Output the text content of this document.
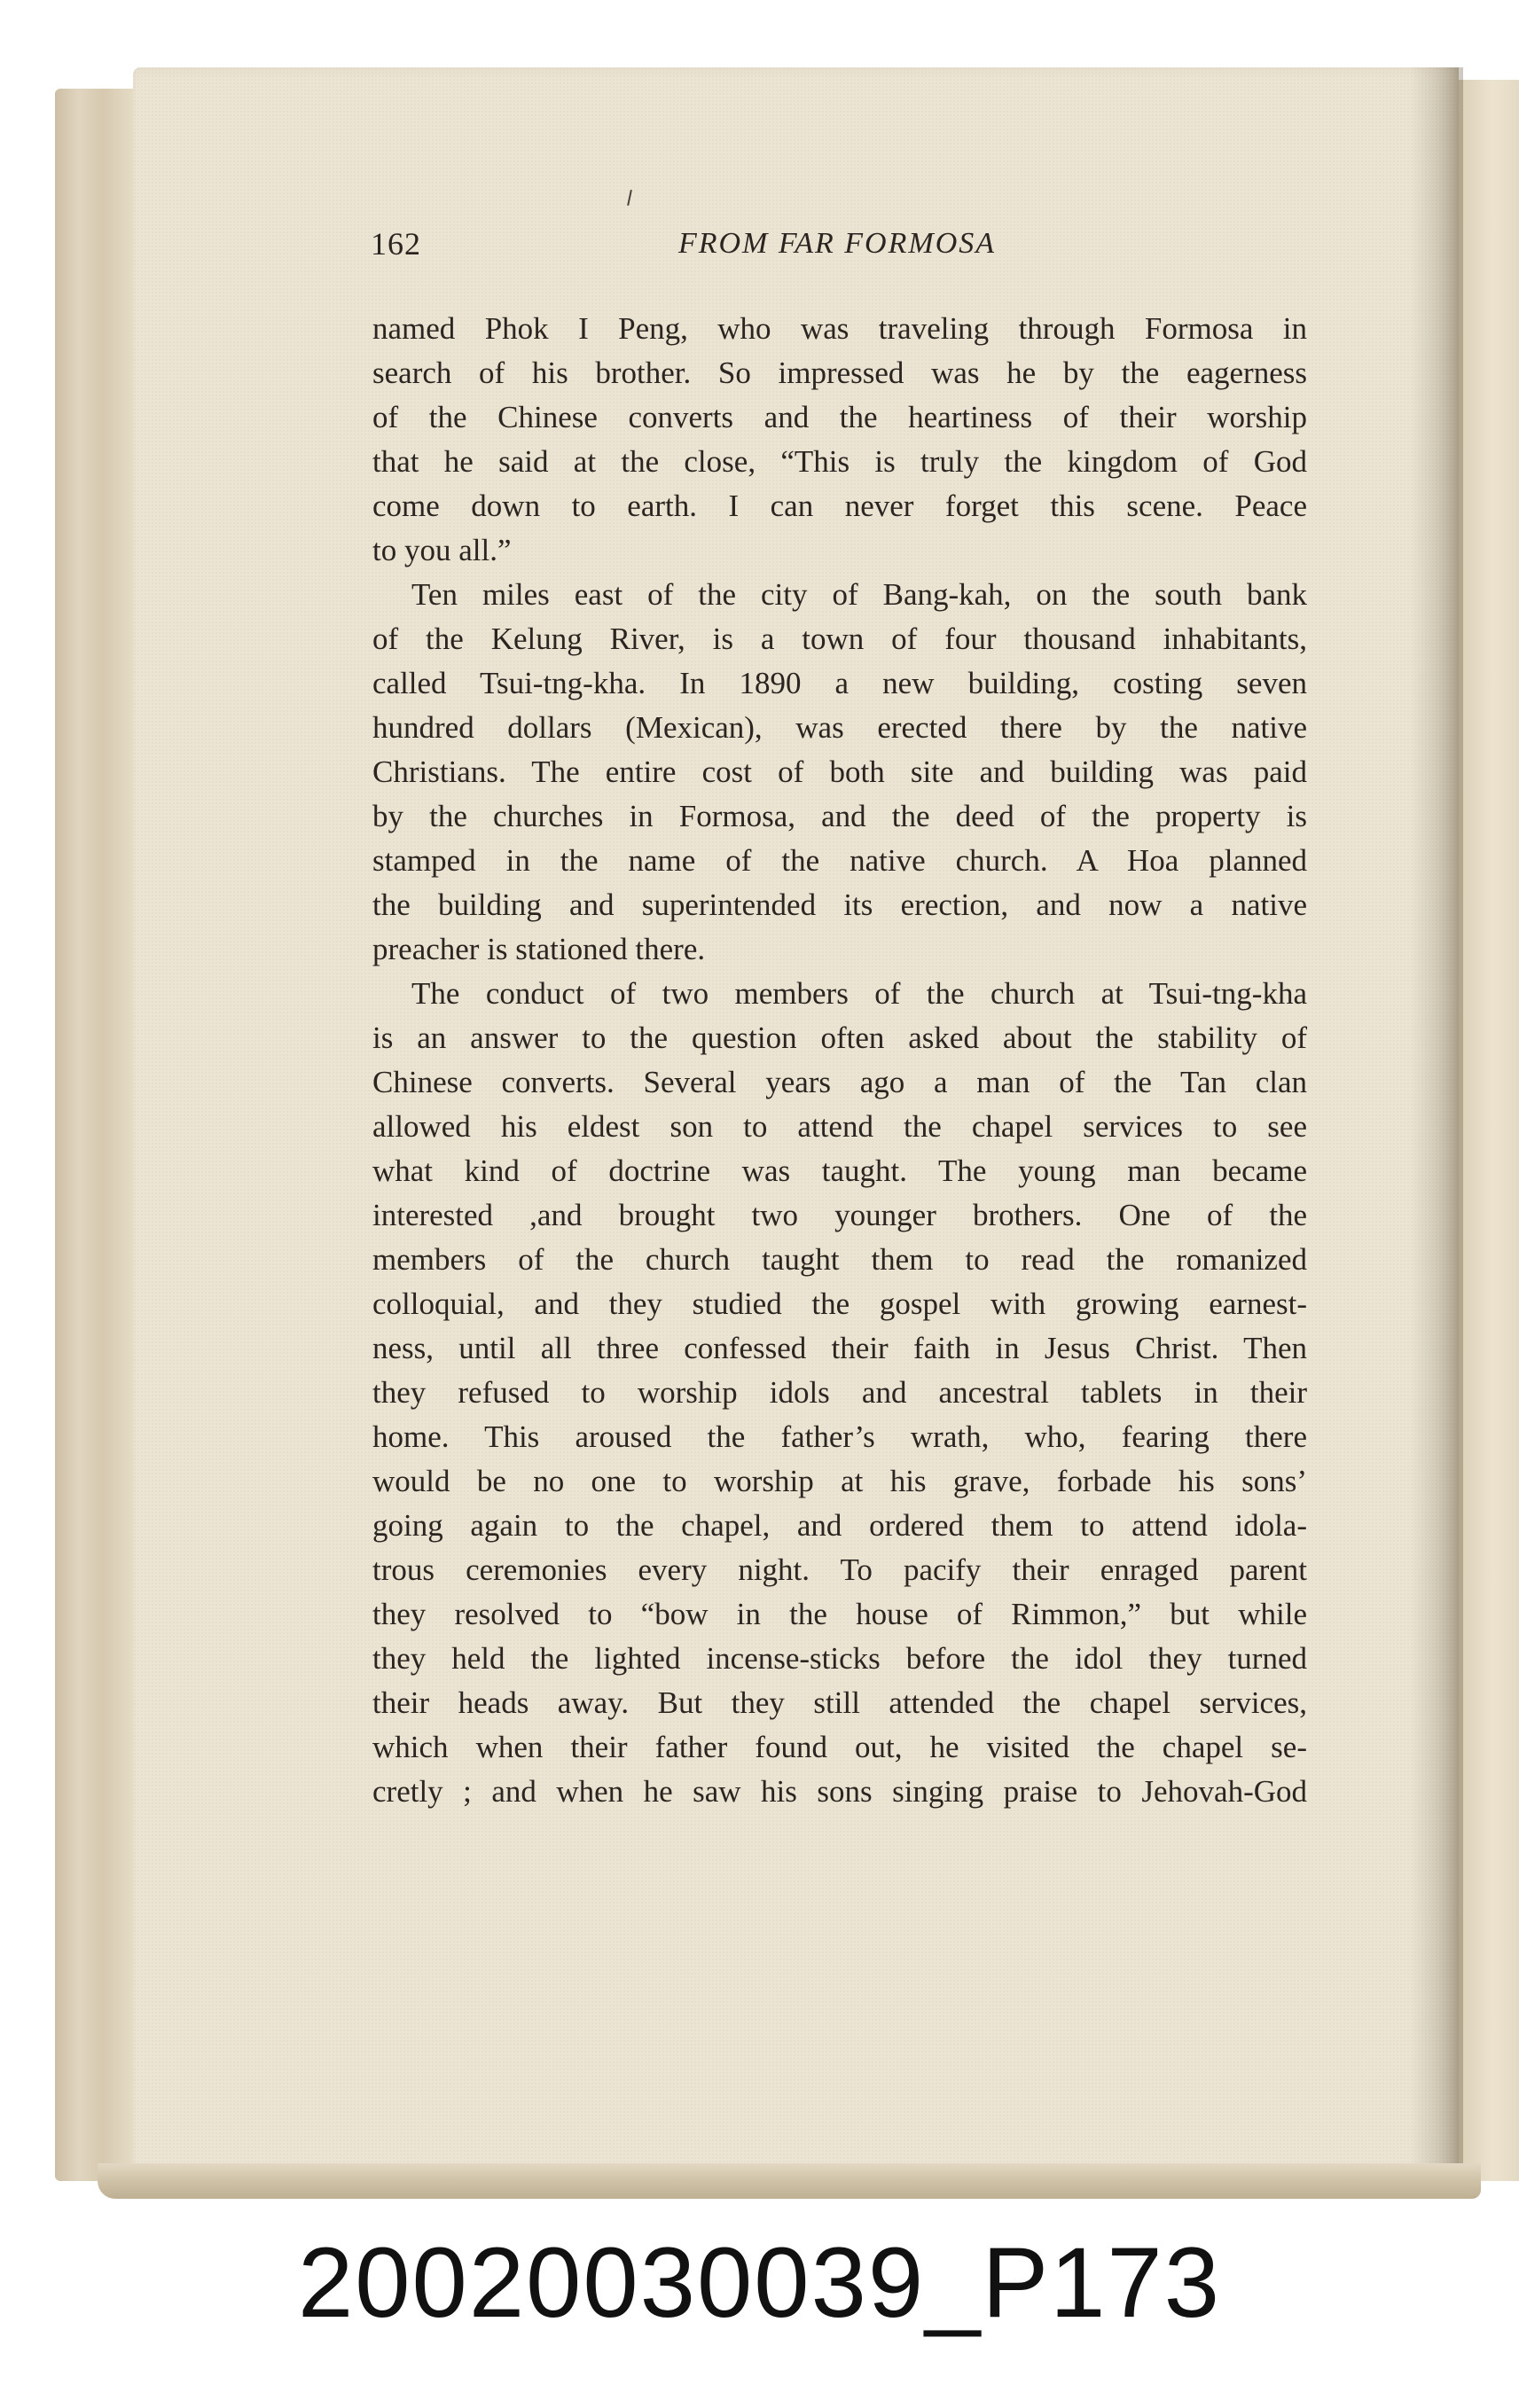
162	FROM FAR FORMOSA
named Phok I Peng, who was traveling through Formosa in
search of his brother. So impressed was he by the eagerness
of the Chinese converts and the heartiness of their worship
that he said at the close, “This is truly the kingdom of God
come down to earth. I can never forget this scene. Peace
to you all.”
Ten miles east of the city of Bang-kah, on the south bank
of the Kelung River, is a town of four thousand inhabitants,
called Tsui-tng-kha. In 1890 a new building, costing seven
hundred dollars (Mexican), was erected there by the native
Christians. The entire cost of both site and building was paid
by the churches in Formosa, and the deed of the property is
stamped in the name of the native church. A Hoa planned
the building and superintended its erection, and now a native
preacher is stationed there.
The conduct of two members of the church at Tsui-tng-kha
is an answer to the question often asked about the stability of
Chinese converts. Several years ago a man of the Tan clan
allowed his eldest son to attend the chapel services to see
what kind of doctrine was taught. The young man became
interested ,and brought two younger brothers. One of the
members of the church taught them to read the romanized
colloquial, and they studied the gospel with growing earnest-
ness, until all three confessed their faith in Jesus Christ. Then
they refused to worship idols and ancestral tablets in their
home. This aroused the father’s wrath, who, fearing there
would be no one to worship at his grave, forbade his sons’
going again to the chapel, and ordered them to attend idola-
trous ceremonies every night. To pacify their enraged parent
they resolved to “bow in the house of Rimmon,” but while
they held the lighted incense-sticks before the idol they turned
their heads away. But they still attended the chapel services,
which when their father found out, he visited the chapel se-
cretly ; and when he saw his sons singing praise to Jehovah-God
20020030039_P173
